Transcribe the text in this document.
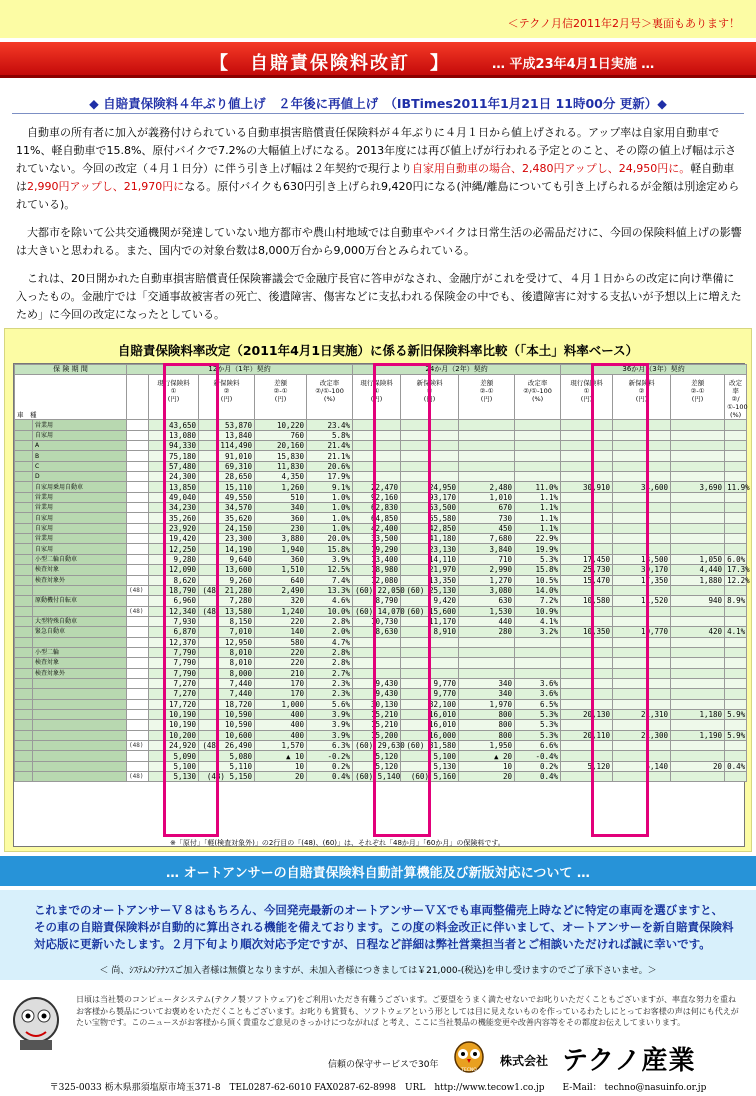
＜テクノ月信2011年2月号＞裏面もあります！
【　自賠責保険料改訂　】	… 平成23年4月1日実施 …
◆ 自賠責保険料４年ぶり値上げ　２年後に再値上げ　（IBTimes2011年1月21日 11時00分 更新）◆

自動車の所有者に加入が義務付けられている自動車損害賠償責任保険料が４年ぶりに４月１日から値上げされる。アップ率は自家用自動車で11%、軽自動車で15.8%、原付バイクで7.2%の大幅値上げになる。2013年度には再び値上げが行われる予定とのこと、その際の値上げ幅は示されていない。今回の改定（４月１日分）に伴う引き上げ幅は２年契約で現行より自家用自動車の場合、2,480円アップし、24,950円に。軽自動車は2,990円アップし、21,970円になる。原付バイクも630円引き上げられ9,420円になる(沖縄/離島についても引き上げられるが金額は別途定められている)。

大都市を除いて公共交通機関が発達していない地方都市や農山村地域では自動車やバイクは日常生活の必需品だけに、今回の保険料値上げの影響は大きいと思われる。また、国内での対象台数は8,000万台から9,000万台とみられている。

これは、20日開かれた自動車損害賠償責任保険審議会で金融庁長官に答申がなされ、金融庁がこれを受けて、４月１日からの改定に向け準備に入ったもの。金融庁では「交通事故被害者の死亡、後遺障害、傷害などに支払われる保険金の中でも、後遺障害に対する支払いが予想以上に増えたため」に今回の改定になったとしている。

自賠責保険料率改定（2011年4月1日実施）に係る新旧保険料率比較（「本土」料率ベース）
保 険 期 間		12か月（1年）契約					24か月（2年）契約				36か月（3年）契約			
車　種			現行保険料
①
(円)	新保険料
②
(円)	差額
②-①
(円)	改定率
②/①-100
(%)	現行保険料
①
(円)	新保険料
②
(円)	差額
②-①
(円)	改定率
②/①-100
(%)	現行保険料
①
(円)	新保険料
②
(円)	差額
②-①
(円)	改定率
②/①-100
(%)
	営業用		43,650	53,870	10,220	23.4%								
	自家用		13,080	13,840	760	5.8%								
	A		94,330	114,490	20,160	21.4%								
	B		75,180	91,010	15,830	21.1%								
	C		57,480	69,310	11,830	20.6%								
	D		24,300	28,650	4,350	17.9%								
	自家用乗用自動車		13,850	15,110	1,260	9.1%	22,470	24,950	2,480	11.0%	30,910	34,600	3,690	11.9%
	営業用		49,040	49,550	510	1.0%	92,160	93,170	1,010	1.1%				
	営業用		34,230	34,570	340	1.0%	62,830	63,500	670	1.1%				
	自家用		35,260	35,620	360	1.0%	64,850	65,580	730	1.1%				
	自家用		23,920	24,150	230	1.0%	42,400	42,850	450	1.1%				
	営業用		19,420	23,300	3,880	20.0%	33,500	41,180	7,680	22.9%				
	自家用		12,250	14,190	1,940	15.8%	19,290	23,130	3,840	19.9%				
	小型二輪自動車		9,280	9,640	360	3.9%	13,400	14,110	710	5.3%	17,450	18,500	1,050	6.0%
	検査対象		12,090	13,600	1,510	12.5%	18,980	21,970	2,990	15.8%	25,730	30,170	4,440	17.3%
	検査対象外		8,620	9,260	640	7.4%	12,080	13,350	1,270	10.5%	15,470	17,350	1,880	12.2%
		(48)	18,790	(48) 21,280	2,490	13.3%	(60) 22,050	(60) 25,130	3,080	14.0%				
	原動機付自転車		6,960	7,280	320	4.6%	8,790	9,420	630	7.2%	10,580	11,520	940	8.9%
		(48)	12,340	(48) 13,580	1,240	10.0%	(60) 14,070	(60) 15,600	1,530	10.9%				
	大型特殊自動車		7,930	8,150	220	2.8%	10,730	11,170	440	4.1%				
	緊急自動車		6,870	7,010	140	2.0%	8,630	8,910	280	3.2%	10,350	10,770	420	4.1%
			12,370	12,950	580	4.7%								
	小型二輪		7,790	8,010	220	2.8%								
	検査対象		7,790	8,010	220	2.8%								
	検査対象外		7,790	8,000	210	2.7%								
			7,270	7,440	170	2.3%	9,430	9,770	340	3.6%				
			7,270	7,440	170	2.3%	9,430	9,770	340	3.6%				
			17,720	18,720	1,000	5.6%	30,130	32,100	1,970	6.5%				
			10,190	10,590	400	3.9%	15,210	16,010	800	5.3%	20,130	21,310	1,180	5.9%
			10,190	10,590	400	3.9%	15,210	16,010	800	5.3%				
			10,200	10,600	400	3.9%	15,200	16,000	800	5.3%	20,110	21,300	1,190	5.9%
		(48)	24,920	(48) 26,490	1,570	6.3%	(60) 29,630	(60) 31,580	1,950	6.6%				
			5,090	5,080	▲ 10	-0.2%	5,120	5,100	▲ 20	-0.4%				
			5,100	5,110	10	0.2%	5,120	5,130	10	0.2%	5,120	5,140	20	0.4%
		(48)	5,130	(48) 5,150	20	0.4%	(60) 5,140	(60) 5,160	20	0.4%				
※「原付」「軽(検査対象外)」の2行目の「(48)、(60)」は、それぞれ「48か月」「60か月」の保険料です。
… オートアンサーの自賠責保険料自動計算機能及び新版対応について …
これまでのオートアンサーＶ８はもちろん、今回発売最新のオートアンサーＶＸでも車両整備売上時などに特定の車両を選びますと、その車の自賠責保険料が自動的に算出される機能を備えております。この度の料金改正に伴いまして、オートアンサーを新自賠責保険料対応版に更新いたします。２月下旬より順次対応予定ですが、日程など詳細は弊社営業担当者とご相談いただければ誠に幸いです。
＜ 尚、ｼｽﾃﾑﾒﾝﾃﾅﾝｽご加入者様は無償となりますが、未加入者様につきましては￥21,000-(税込)を申し受けますのでご了承下さいませ。＞
日頃は当社製のコンピュータシステム(テクノ製ソフトウェア)をご利用いただき有難うございます。ご要望をうまく満たせないでお叱りいただくこともございますが、率直な努力を重ね お客様から製品についてお褒めをいただくこともございます。お叱りも賞賛も、ソフトウェアという形としては目に見えないものを作っているわたしにとってお客様の声は何にも代えがたい宝物です。このニュースがお客様から頂く貴重なご意見のきっかけにつながれば と考え、ここに当社製品の機能変更や改善内容等をその都度お伝えしてまいります。
信頼の保守サービスで30年
TECNO
株式会社 テクノ産業
〒325-0033 栃木県那須塩原市埼玉371-8　TEL0287-62-6010 FAX0287-62-8998　URL　http://www.tecow1.co.jp　　E-Mail： techno@nasuinfo.or.jp
